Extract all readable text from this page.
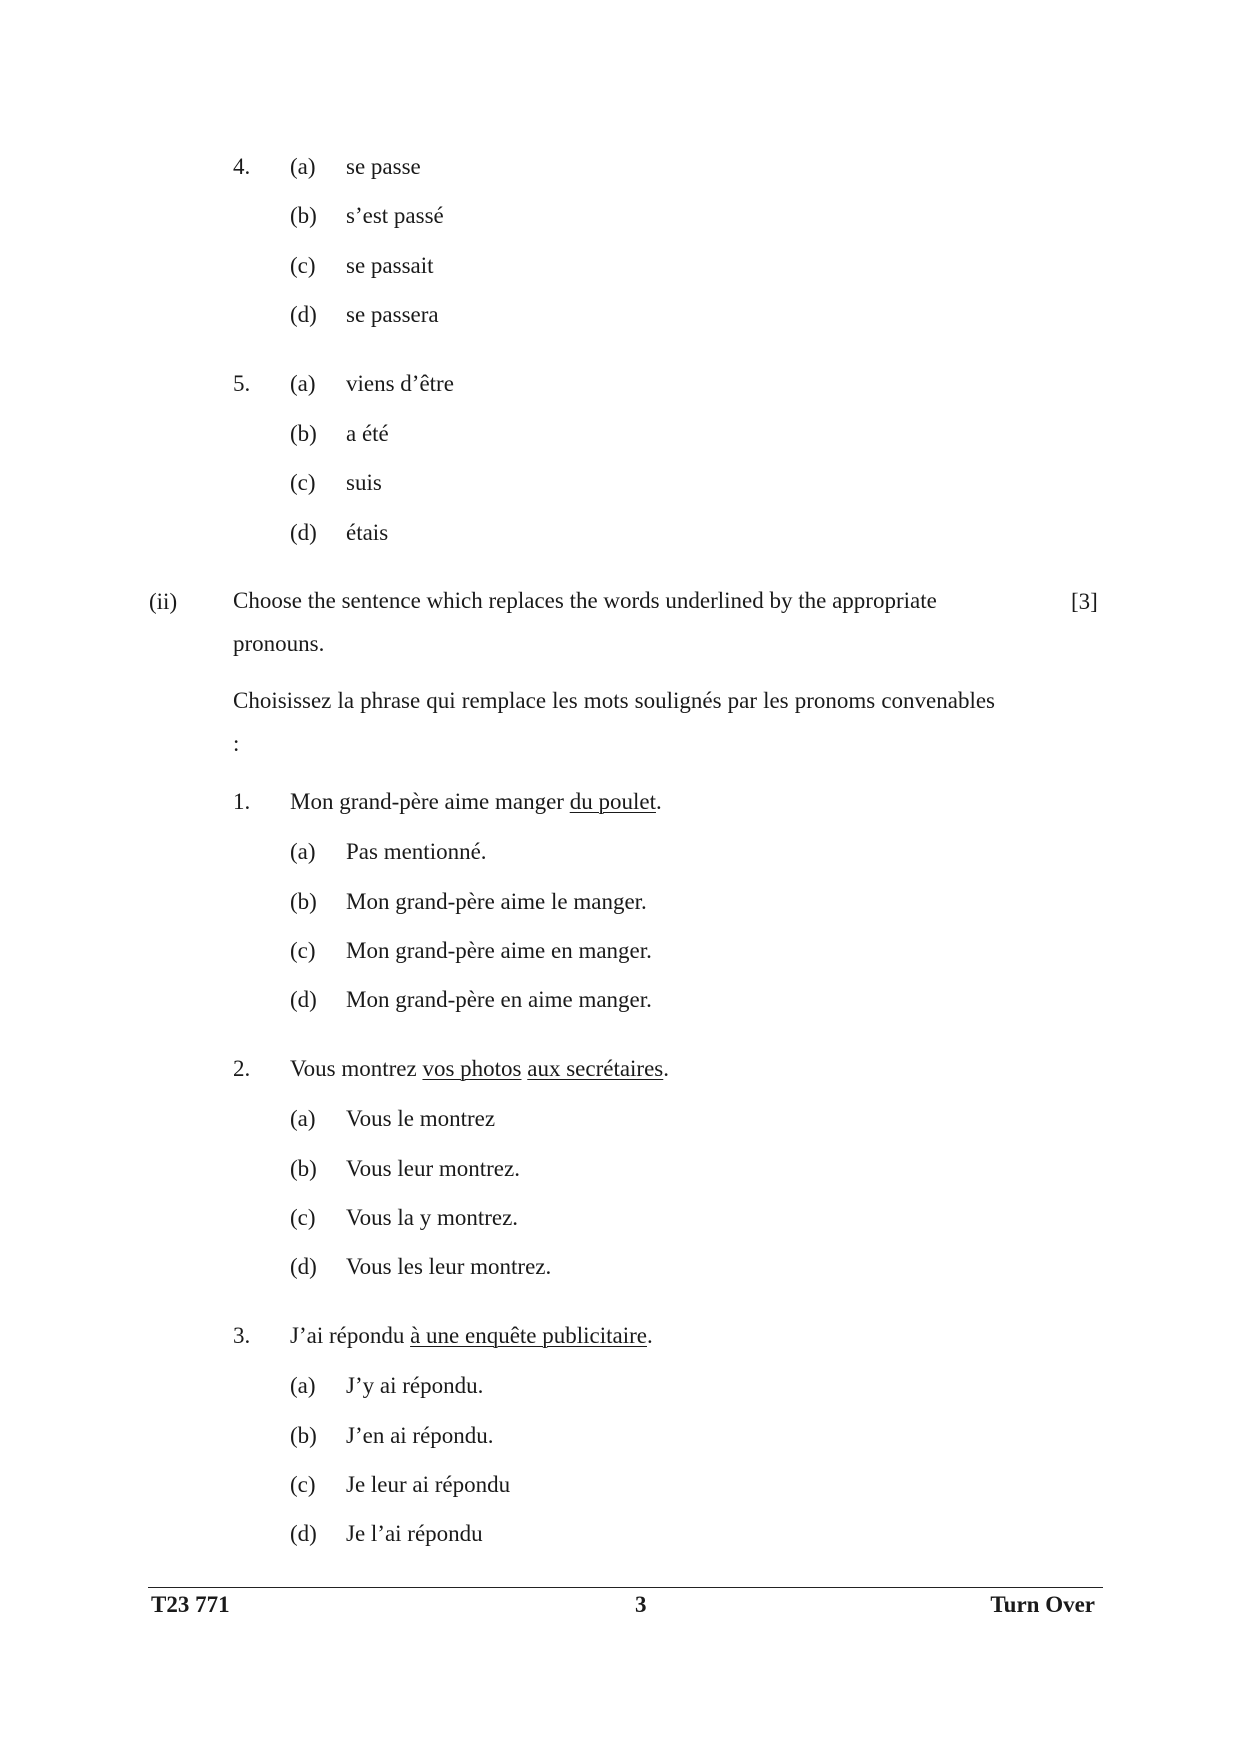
4. (a) se passe
(b) s’est passé
(c) se passait
(d) se passera
5. (a) viens d’être
(b) a été
(c) suis
(d) étais
(ii)	[3]
Choose the sentence which replaces the words underlined by the appropriate pronouns.
Choisissez la phrase qui remplace les mots soulignés par les pronoms convenables :
1. Mon grand-père aime manger du poulet.
(a) Pas mentionné.
(b) Mon grand-père aime le manger.
(c) Mon grand-père aime en manger.
(d) Mon grand-père en aime manger.
2. Vous montrez vos photos aux secrétaires.
(a) Vous le montrez
(b) Vous leur montrez.
(c) Vous la y montrez.
(d) Vous les leur montrez.
3. J’ai répondu à une enquête publicitaire.
(a) J’y ai répondu.
(b) J’en ai répondu.
(c) Je leur ai répondu
(d) Je l’ai répondu
T23 771	3	Turn Over
